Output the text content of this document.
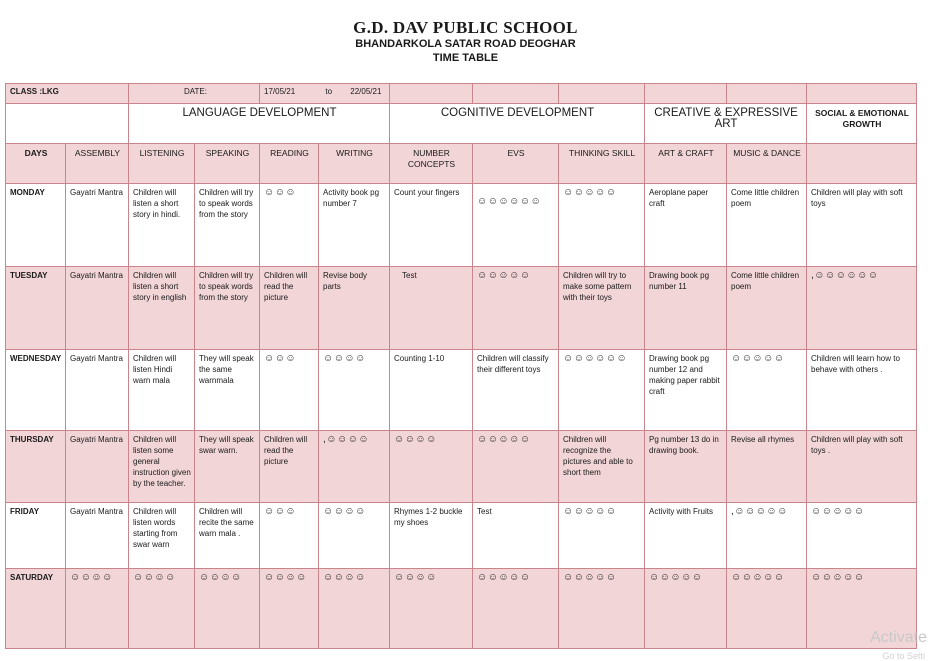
G.D. DAV PUBLIC SCHOOL
BHANDARKOLA SATAR ROAD DEOGHAR
TIME TABLE
CLASS :LKG		DATE:		17/05/21 to 22/05/21							
		LANGUAGE DEVELOPMENT				COGNITIVE DEVELOPMENT			CREATIVE & EXPRESSIVE ART		SOCIAL & EMOTIONAL GROWTH
DAYS	ASSEMBLY	LISTENING	SPEAKING	READING	WRITING	NUMBER CONCEPTS	EVS	THINKING SKILL	ART & CRAFT	MUSIC & DANCE	
MONDAY	Gayatri Mantra	Children will listen a short story in hindi.	Children will try to speak words from the story	☺☺☺	Activity book pg number 7	Count your fingers	☺☺☺☺☺☺	☺☺☺☺☺	Aeroplane paper craft	Come little children poem	Children will play with soft toys
TUESDAY	Gayatri Mantra	Children will listen a short story in english	Children will try to speak words from the story	Children will read the picture	Revise body parts	Test	☺☺☺☺☺	Children will try to make some pattern with their toys	Drawing book pg number 11	Come little children poem	,☺☺☺☺☺☺
WEDNESDAY	Gayatri Mantra	Children will listen Hindi warn mala	They will speak the same warnmala	☺☺☺	☺☺☺☺	Counting 1-10	Children will classify their different toys	☺☺☺☺☺☺	Drawing book pg number 12 and making paper rabbit craft	☺☺☺☺☺	Children will learn how to behave with others .
THURSDAY	Gayatri Mantra	Children will listen some general instruction given by the teacher.	They will speak swar warn.	Children will read the picture	,☺☺☺☺	☺☺☺☺	☺☺☺☺☺	Children will recognize the pictures and able to short them	Pg number 13 do in drawing book.	Revise all rhymes	Children will play with soft toys .
FRIDAY	Gayatri Mantra	Children will listen words starting from swar warn	Children will recite the same warn mala .	☺☺☺	☺☺☺☺	Rhymes 1-2 buckle my shoes	Test	☺☺☺☺☺	Activity with Fruits	,☺☺☺☺☺	☺☺☺☺☺
SATURDAY	☺☺☺☺	☺☺☺☺	☺☺☺☺	☺☺☺☺	☺☺☺☺	☺☺☺☺	☺☺☺☺☺	☺☺☺☺☺	☺☺☺☺☺	☺☺☺☺☺	☺☺☺☺☺
Activate
Go to Setti
